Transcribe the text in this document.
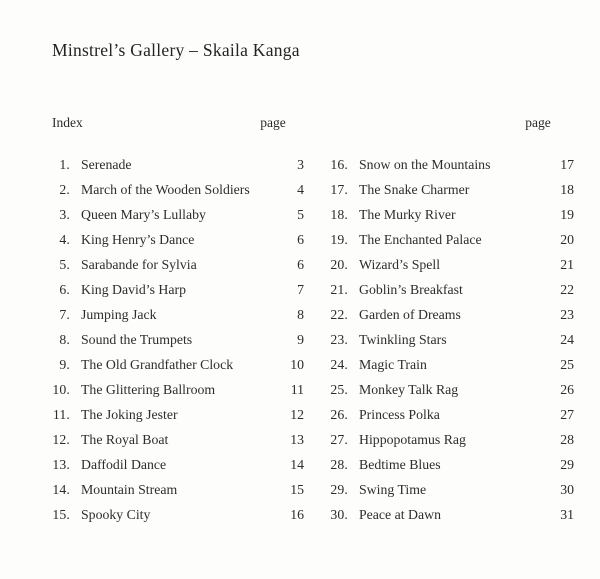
Minstrel’s Gallery – Skaila Kanga
Index	page	page
1 .	Serenade	3
2 .	March of the Wooden Soldiers	4
3 .	Queen Mary’s Lullaby	5
4 .	King Henry’s Dance	6
5 .	Sarabande for Sylvia	6
6 .	King David’s Harp	7
7 .	Jumping Jack	8
8 .	Sound the Trumpets	9
9 .	The Old Grandfather Clock	10
10 .	The Glittering Ballroom	11
11 .	The Joking Jester	12
12 .	The Royal Boat	13
13 .	Daffodil Dance	14
14 .	Mountain Stream	15
15 .	Spooky City	16
16 .	Snow on the Mountains	17
17 .	The Snake Charmer	18
18 .	The Murky River	19
19 .	The Enchanted Palace	20
20 .	Wizard’s Spell	21
21 .	Goblin’s Breakfast	22
22 .	Garden of Dreams	23
23 .	Twinkling Stars	24
24 .	Magic Train	25
25 .	Monkey Talk Rag	26
26 .	Princess Polka	27
27 .	Hippopotamus Rag	28
28 .	Bedtime Blues	29
29 .	Swing Time	30
30 .	Peace at Dawn	31
